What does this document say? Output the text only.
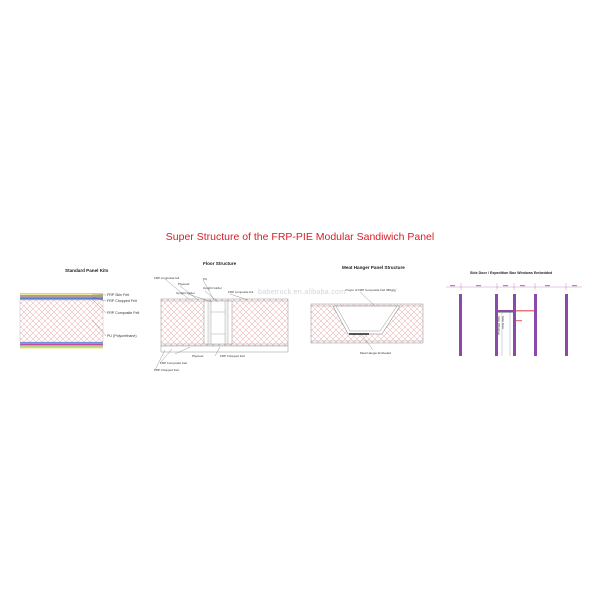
Super Structure of the FRP-PIE Modular Sandiwich Panel
babetruck.en.alibaba.com
Standard Panel Kits
Floor Structure
Meat Hanger Panel Structure
Side Door / Expedition Box Windows Embedded
FRP Skin Felt
FRP Chopped Felt
FRP Composite Felt
PU (Polyurethane)
FRP composite felt	PU
Plywood
Upright Girder
Upright Girder	FRP composite felt
Plywood	FRP Chopped Felt
FRP Composite Felt
FRP Chopped Felt
2 layer of FRP Composite Felt 350g/㎡
Meat Hanger Embeded
Side Door
Side Windows
